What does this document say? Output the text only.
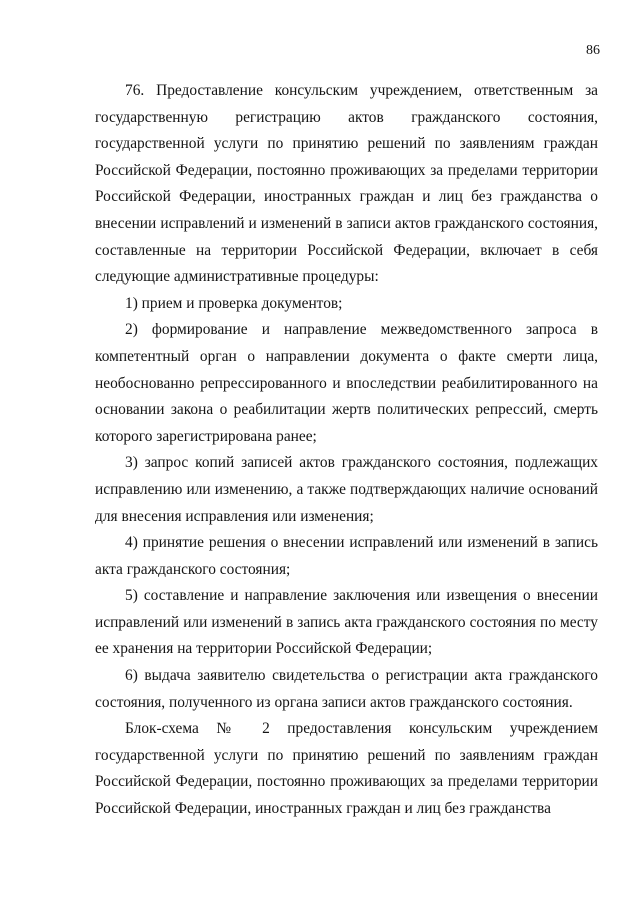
86

76. Предоставление консульским учреждением, ответственным за государственную регистрацию актов гражданского состояния, государственной услуги по принятию решений по заявлениям граждан Российской Федерации, постоянно проживающих за пределами территории Российской Федерации, иностранных граждан и лиц без гражданства о внесении исправлений и изменений в записи актов гражданского состояния, составленные на территории Российской Федерации, включает в себя следующие административные процедуры:

1) прием и проверка документов;

2) формирование и направление межведомственного запроса в компетентный орган о направлении документа о факте смерти лица, необоснованно репрессированного и впоследствии реабилитированного на основании закона о реабилитации жертв политических репрессий, смерть которого зарегистрирована ранее;

3) запрос копий записей актов гражданского состояния, подлежащих исправлению или изменению, а также подтверждающих наличие оснований для внесения исправления или изменения;

4) принятие решения о внесении исправлений или изменений в запись акта гражданского состояния;

5) составление и направление заключения или извещения о внесении исправлений или изменений в запись акта гражданского состояния по месту ее хранения на территории Российской Федерации;

6) выдача заявителю свидетельства о регистрации акта гражданского состояния, полученного из органа записи актов гражданского состояния.

Блок-схема № 2 предоставления консульским учреждением государственной услуги по принятию решений по заявлениям граждан Российской Федерации, постоянно проживающих за пределами территории Российской Федерации, иностранных граждан и лиц без гражданства
